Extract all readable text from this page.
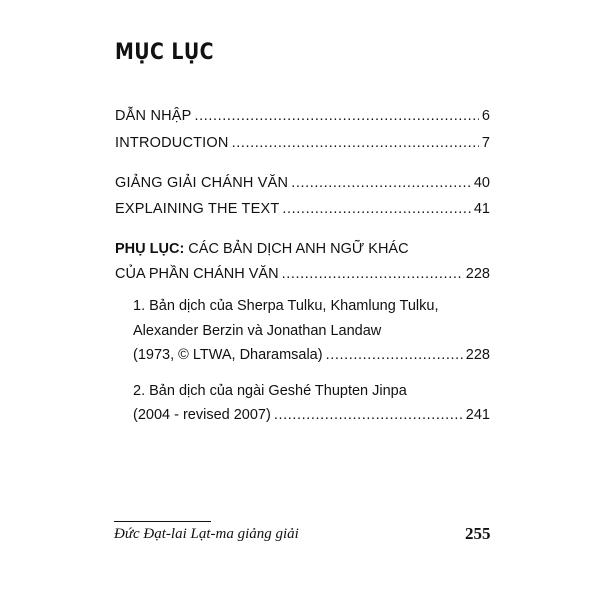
MỤC LỤC
DẪN NHẬP .....	6
INTRODUCTION .....	7
GIẢNG GIẢI CHÁNH VĂN .....	40
EXPLAINING THE TEXT .....	41
PHỤ LỤC: CÁC BẢN DỊCH ANH NGỮ KHÁC
CỦA PHẦN CHÁNH VĂN .....	228
1. Bản dịch của Sherpa Tulku, Khamlung Tulku,
Alexander Berzin và Jonathan Landaw
(1973, © LTWA, Dharamsala) .....	228
2. Bản dịch của ngài Geshé Thupten Jinpa
(2004 - revised 2007) .....	241
Đức Đạt-lai Lạt-ma giảng giải	255
